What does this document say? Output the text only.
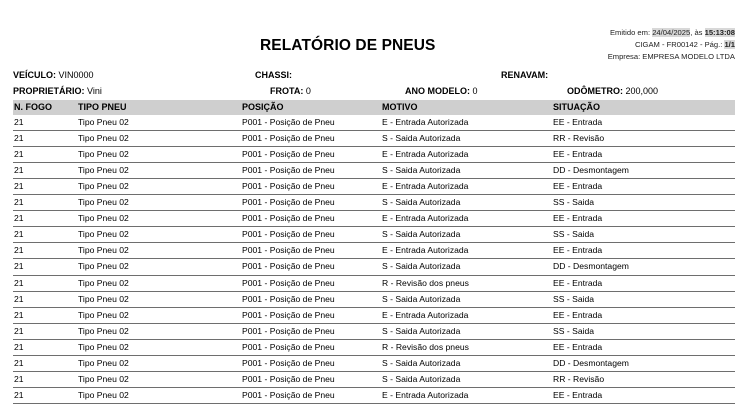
RELATÓRIO DE PNEUS
Emitido em: 24/04/2025, às 15:13:08
CIGAM - FR00142 - Pág.: 1/1
Empresa: EMPRESA MODELO LTDA
VEÍCULO: VIN0000	CHASSI:	RENAVAM:
PROPRIETÁRIO: Vini	FROTA: 0	ANO MODELO: 0	ODÔMETRO: 200,000
N. FOGO	TIPO PNEU	POSIÇÃO	MOTIVO	SITUAÇÃO
21	Tipo Pneu 02	P001 - Posição de Pneu	E - Entrada Autorizada	EE - Entrada
21	Tipo Pneu 02	P001 - Posição de Pneu	S - Saida Autorizada	RR - Revisão
21	Tipo Pneu 02	P001 - Posição de Pneu	E - Entrada Autorizada	EE - Entrada
21	Tipo Pneu 02	P001 - Posição de Pneu	S - Saida Autorizada	DD - Desmontagem
21	Tipo Pneu 02	P001 - Posição de Pneu	E - Entrada Autorizada	EE - Entrada
21	Tipo Pneu 02	P001 - Posição de Pneu	S - Saida Autorizada	SS - Saida
21	Tipo Pneu 02	P001 - Posição de Pneu	E - Entrada Autorizada	EE - Entrada
21	Tipo Pneu 02	P001 - Posição de Pneu	S - Saida Autorizada	SS - Saida
21	Tipo Pneu 02	P001 - Posição de Pneu	E - Entrada Autorizada	EE - Entrada
21	Tipo Pneu 02	P001 - Posição de Pneu	S - Saida Autorizada	DD - Desmontagem
21	Tipo Pneu 02	P001 - Posição de Pneu	R - Revisão dos pneus	EE - Entrada
21	Tipo Pneu 02	P001 - Posição de Pneu	S - Saida Autorizada	SS - Saida
21	Tipo Pneu 02	P001 - Posição de Pneu	E - Entrada Autorizada	EE - Entrada
21	Tipo Pneu 02	P001 - Posição de Pneu	S - Saida Autorizada	SS - Saida
21	Tipo Pneu 02	P001 - Posição de Pneu	R - Revisão dos pneus	EE - Entrada
21	Tipo Pneu 02	P001 - Posição de Pneu	S - Saida Autorizada	DD - Desmontagem
21	Tipo Pneu 02	P001 - Posição de Pneu	S - Saida Autorizada	RR - Revisão
21	Tipo Pneu 02	P001 - Posição de Pneu	E - Entrada Autorizada	EE - Entrada
